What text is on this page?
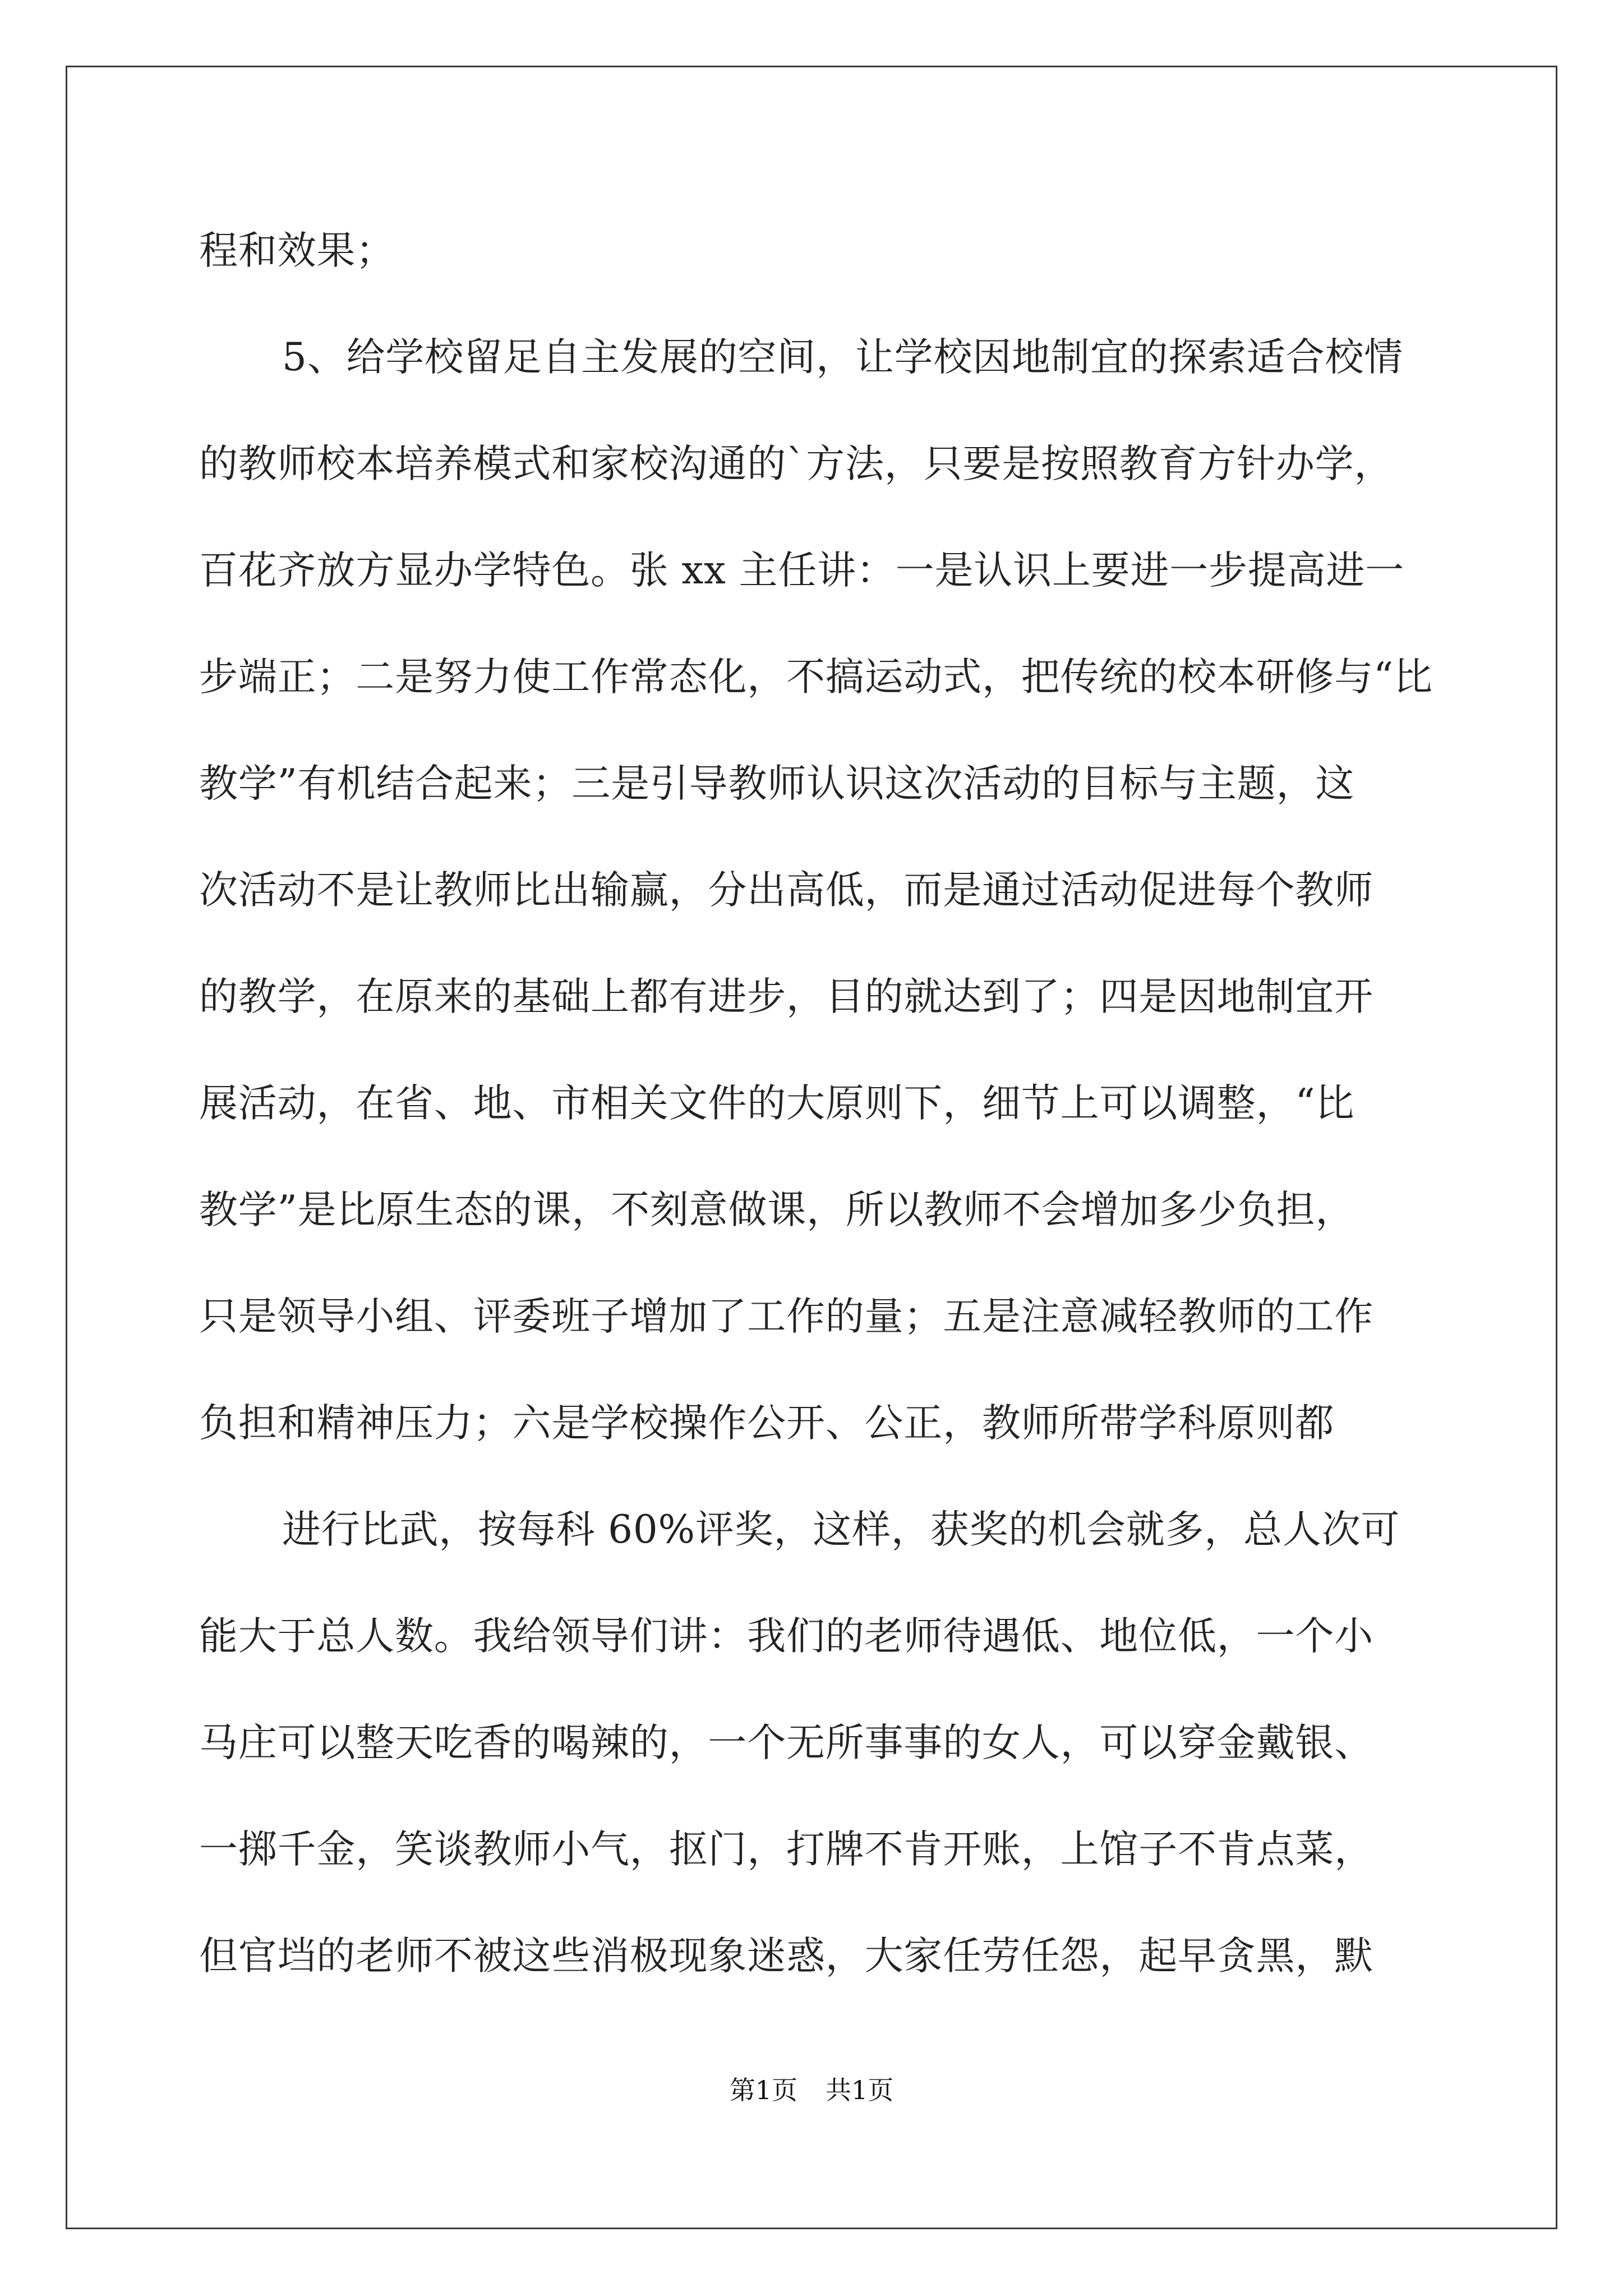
程和效果；
5、给学校留足自主发展的空间，让学校因地制宜的探索适合校情
的教师校本培养模式和家校沟通的`方法，只要是按照教育方针办学，
百花齐放方显办学特色。张 xx 主任讲：一是认识上要进一步提高进一
步端正；二是努力使工作常态化，不搞运动式，把传统的校本研修与“比
教学”有机结合起来；三是引导教师认识这次活动的目标与主题，这
次活动不是让教师比出输赢，分出高低，而是通过活动促进每个教师
的教学，在原来的基础上都有进步，目的就达到了；四是因地制宜开
展活动，在省、地、市相关文件的大原则下，细节上可以调整，“比
教学”是比原生态的课，不刻意做课，所以教师不会增加多少负担，
只是领导小组、评委班子增加了工作的量；五是注意减轻教师的工作
负担和精神压力；六是学校操作公开、公正，教师所带学科原则都
进行比武，按每科 60%评奖，这样，获奖的机会就多，总人次可
能大于总人数。我给领导们讲：我们的老师待遇低、地位低，一个小
马庄可以整天吃香的喝辣的，一个无所事事的女人，可以穿金戴银、
一掷千金，笑谈教师小气，抠门，打牌不肯开账，上馆子不肯点菜，
但官垱的老师不被这些消极现象迷惑，大家任劳任怨，起早贪黑，默
第1页 共1页
